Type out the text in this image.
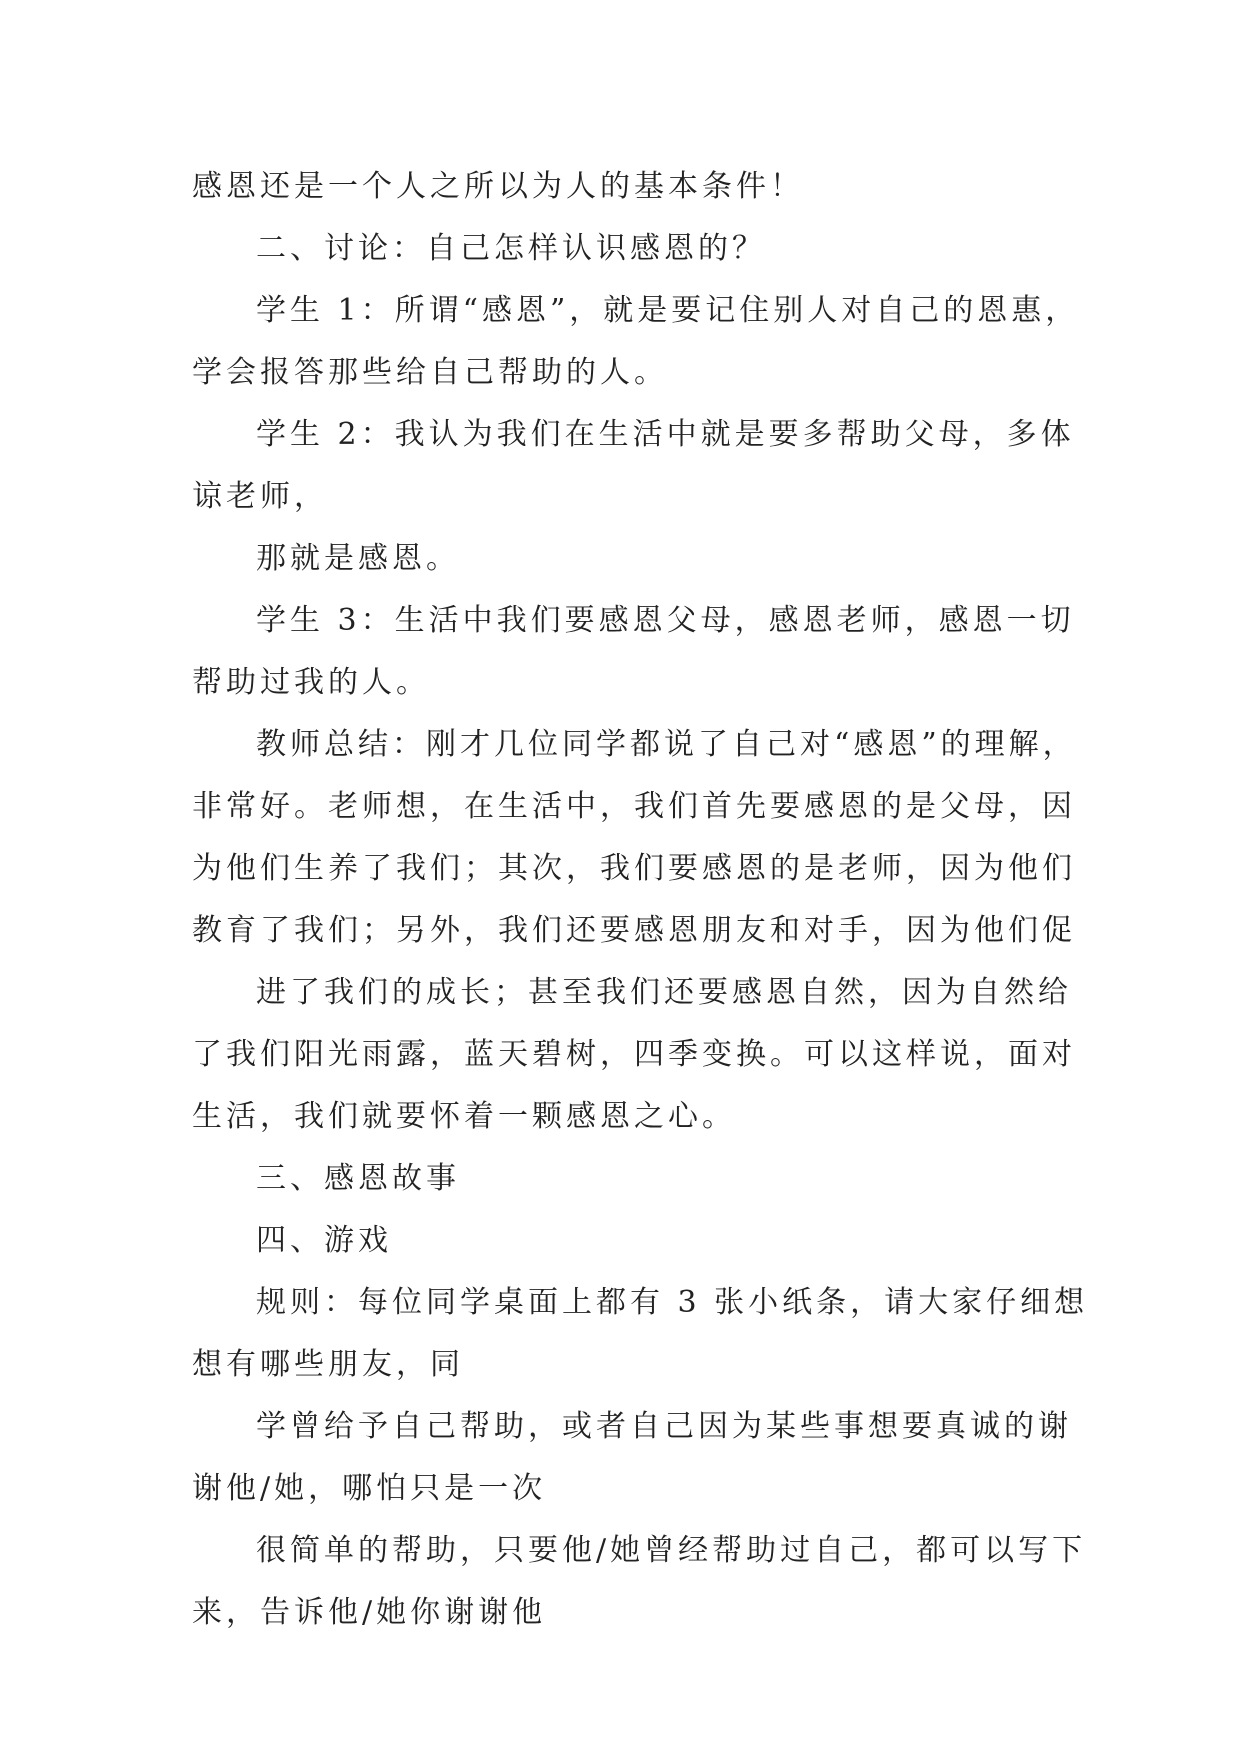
感恩还是一个人之所以为人的基本条件！

二、讨论：自己怎样认识感恩的？

学生 1：所谓“感恩”，就是要记住别人对自己的恩惠，

学会报答那些给自己帮助的人。

学生 2：我认为我们在生活中就是要多帮助父母，多体

谅老师，

那就是感恩。

学生 3：生活中我们要感恩父母，感恩老师，感恩一切

帮助过我的人。

教师总结：刚才几位同学都说了自己对“感恩”的理解，

非常好。老师想，在生活中，我们首先要感恩的是父母，因

为他们生养了我们；其次，我们要感恩的是老师，因为他们

教育了我们；另外，我们还要感恩朋友和对手，因为他们促

进了我们的成长；甚至我们还要感恩自然，因为自然给

了我们阳光雨露，蓝天碧树，四季变换。可以这样说，面对

生活，我们就要怀着一颗感恩之心。

三、感恩故事

四、游戏

规则：每位同学桌面上都有 3 张小纸条，请大家仔细想

想有哪些朋友，同

学曾给予自己帮助，或者自己因为某些事想要真诚的谢

谢他/她，哪怕只是一次

很简单的帮助，只要他/她曾经帮助过自己，都可以写下

来，告诉他/她你谢谢他
